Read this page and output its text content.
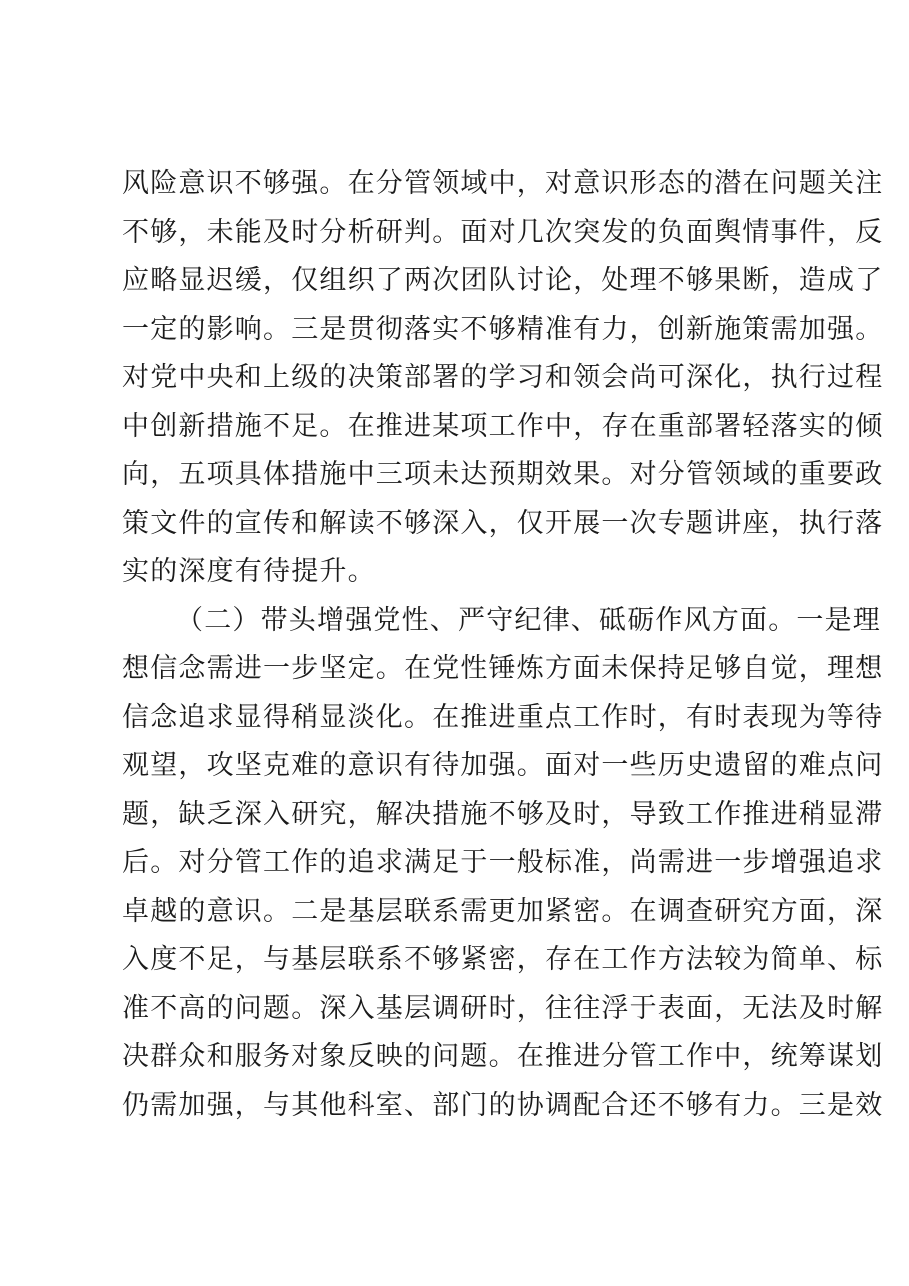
风险意识不够强。在分管领域中，对意识形态的潜在问题关注
不够，未能及时分析研判。面对几次突发的负面舆情事件，反
应略显迟缓，仅组织了两次团队讨论，处理不够果断，造成了
一定的影响。三是贯彻落实不够精准有力，创新施策需加强。
对党中央和上级的决策部署的学习和领会尚可深化，执行过程
中创新措施不足。在推进某项工作中，存在重部署轻落实的倾
向，五项具体措施中三项未达预期效果。对分管领域的重要政
策文件的宣传和解读不够深入，仅开展一次专题讲座，执行落
实的深度有待提升。
（二）带头增强党性、严守纪律、砥砺作风方面。一是理
想信念需进一步坚定。在党性锤炼方面未保持足够自觉，理想
信念追求显得稍显淡化。在推进重点工作时，有时表现为等待
观望，攻坚克难的意识有待加强。面对一些历史遗留的难点问
题，缺乏深入研究，解决措施不够及时，导致工作推进稍显滞
后。对分管工作的追求满足于一般标准，尚需进一步增强追求
卓越的意识。二是基层联系需更加紧密。在调查研究方面，深
入度不足，与基层联系不够紧密，存在工作方法较为简单、标
准不高的问题。深入基层调研时，往往浮于表面，无法及时解
决群众和服务对象反映的问题。在推进分管工作中，统筹谋划
仍需加强，与其他科室、部门的协调配合还不够有力。三是效
